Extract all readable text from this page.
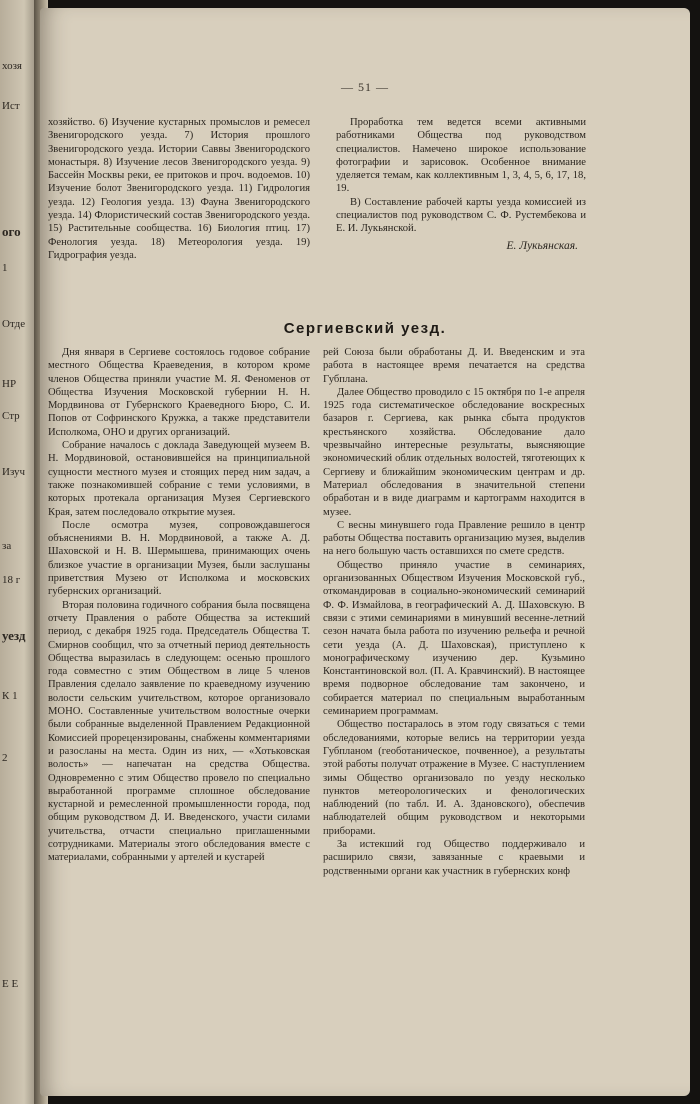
хозя
Ист
ого
1
Отде
НР
Стр
Изуч
за
уезд
18 г
2
К 1
Е Е
— 51 —

хозяйство. 6) Изучение кустарных промыслов и ремесел Звенигородского уезда. 7) История прошлого Звенигородского уезда. Истории Саввы Звенигородского монастыря. 8) Изучение лесов Звенигородского уезда. 9) Бассейн Москвы реки, ее притоков и проч. водоемов. 10) Изучение болот Звенигородского уезда. 11) Гидрология уезда. 12) Геология уезда. 13) Фауна Звенигородского уезда. 14) Флористический состав Звенигородского уезда. 15) Растительные сообщества. 16) Биология птиц. 17) Фенология уезда. 18) Метеорология уезда. 19) Гидрография уезда.

Проработка тем ведется всеми активными работниками Общества под руководством специалистов. Намечено широкое использование фотографии и зарисовок. Особенное внимание уделяется темам, как коллективным 1, 3, 4, 5, 6, 17, 18, 19.

В) Составление рабочей карты уезда комиссией из специалистов под руководством С. Ф. Рустембекова и Е. И. Лукьянской.

Е. Лукьянская.
Сергиевский уезд.

Дня января в Сергиеве состоялось годовое собрание местного Общества Краеведения, в котором кроме членов Общества приняли участие М. Я. Феноменов от Общества Изучения Московской губернии Н. Н. Мордвинова от Губернского Краеведного Бюро, С. И. Попов от Софринского Кружка, а также представители Исполкома, ОНО и других организаций.

Собрание началось с доклада Заведующей музеем В. Н. Мордвиновой, остановившейся на принципиальной сущности местного музея и стоящих перед ним задач, а также познакомившей собрание с теми условиями, в которых протекала организация Музея Сергиевского Края, затем последовало открытие музея.

После осмотра музея, сопровождавшегося объяснениями В. Н. Мордвиновой, а также А. Д. Шаховской и Н. В. Шермышева, принимающих очень близкое участие в организации Музея, были заслушаны приветствия Музею от Исполкома и московских губернских организаций.

Вторая половина годичного собрания была посвящена отчету Правления о работе Общества за истекший период, с декабря 1925 года. Председатель Общества Т. Смирнов сообщил, что за отчетный период деятельность Общества выразилась в следующем: осенью прошлого года совместно с этим Обществом в лице 5 членов Правления сделало заявление по краеведному изучению волости сельским учительством, которое организовало МОНО. Составленные учительством волостные очерки были собранные выделенной Правлением Редакционной Комиссией прорецензированы, снабжены комментариями и разосланы на места. Один из них, — «Хотьковская волость» — напечатан на средства Общества. Одновременно с этим Общество провело по специально выработанной программе сплошное обследование кустарной и ремесленной промышленности города, под общим руководством Д. И. Введенского, участи силами учительства, отчасти специально приглашенными сотрудниками. Материалы этого обследования вместе с материалами, собранными у артелей и кустарей

рей Союза были обработаны Д. И. Введенским и эта работа в настоящее время печатается на средства Губплана.

Далее Общество проводило с 15 октября по 1-е апреля 1925 года систематическое обследование воскресных базаров г. Сергиева, как рынка сбыта продуктов крестьянского хозяйства. Обследование дало чрезвычайно интересные результаты, выясняющие экономический облик отдельных волостей, тяготеющих к Сергиеву и ближайшим экономическим центрам и др. Материал обследования в значительной степени обработан и в виде диаграмм и картограмм находится в музее.

С весны минувшего года Правление решило в центр работы Общества поставить организацию музея, выделив на него большую часть оставшихся по смете средств.

Общество приняло участие в семинариях, организованных Обществом Изучения Московской губ., откомандировав в социально-экономический семинарий Ф. Ф. Измайлова, в географический А. Д. Шаховскую. В связи с этими семинариями в минувший весенне-летний сезон начата была работа по изучению рельефа и речной сети уезда (А. Д. Шаховская), приступлено к монографическому изучению дер. Кузьмино Константиновской вол. (П. А. Кравчинский). В настоящее время подворное обследование там закончено, и собирается материал по специальным выработанным семинарием программам.

Общество постаралось в этом году связаться с теми обследованиями, которые велись на территории уезда Губпланом (геоботаническое, почвенное), а результаты этой работы получат отражение в Музее. С наступлением зимы Общество организовало по уезду несколько пунктов метеорологических и фенологических наблюдений (по табл. И. А. Здановского), обеспечив наблюдателей общим руководством и некоторыми приборами.

За истекший год Общество поддерживало и расширило связи, завязанные с краевыми и родственными органи как участник в губернских конф
